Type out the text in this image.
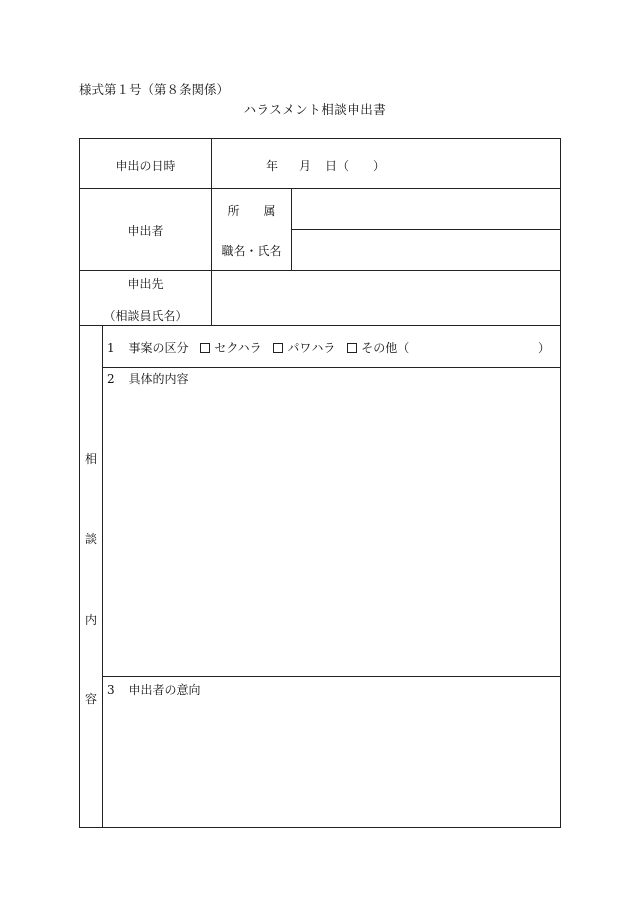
様式第１号（第８条関係）
ハラスメント相談申出書
申出の日時	年 月 日（ ）
申出者
所　　属
職名・氏名
申出先
（相談員氏名）
相
談
内
容
1 事案の区分 セクハラ パワハラ その他（	）
2 具体的内容
3 申出者の意向
